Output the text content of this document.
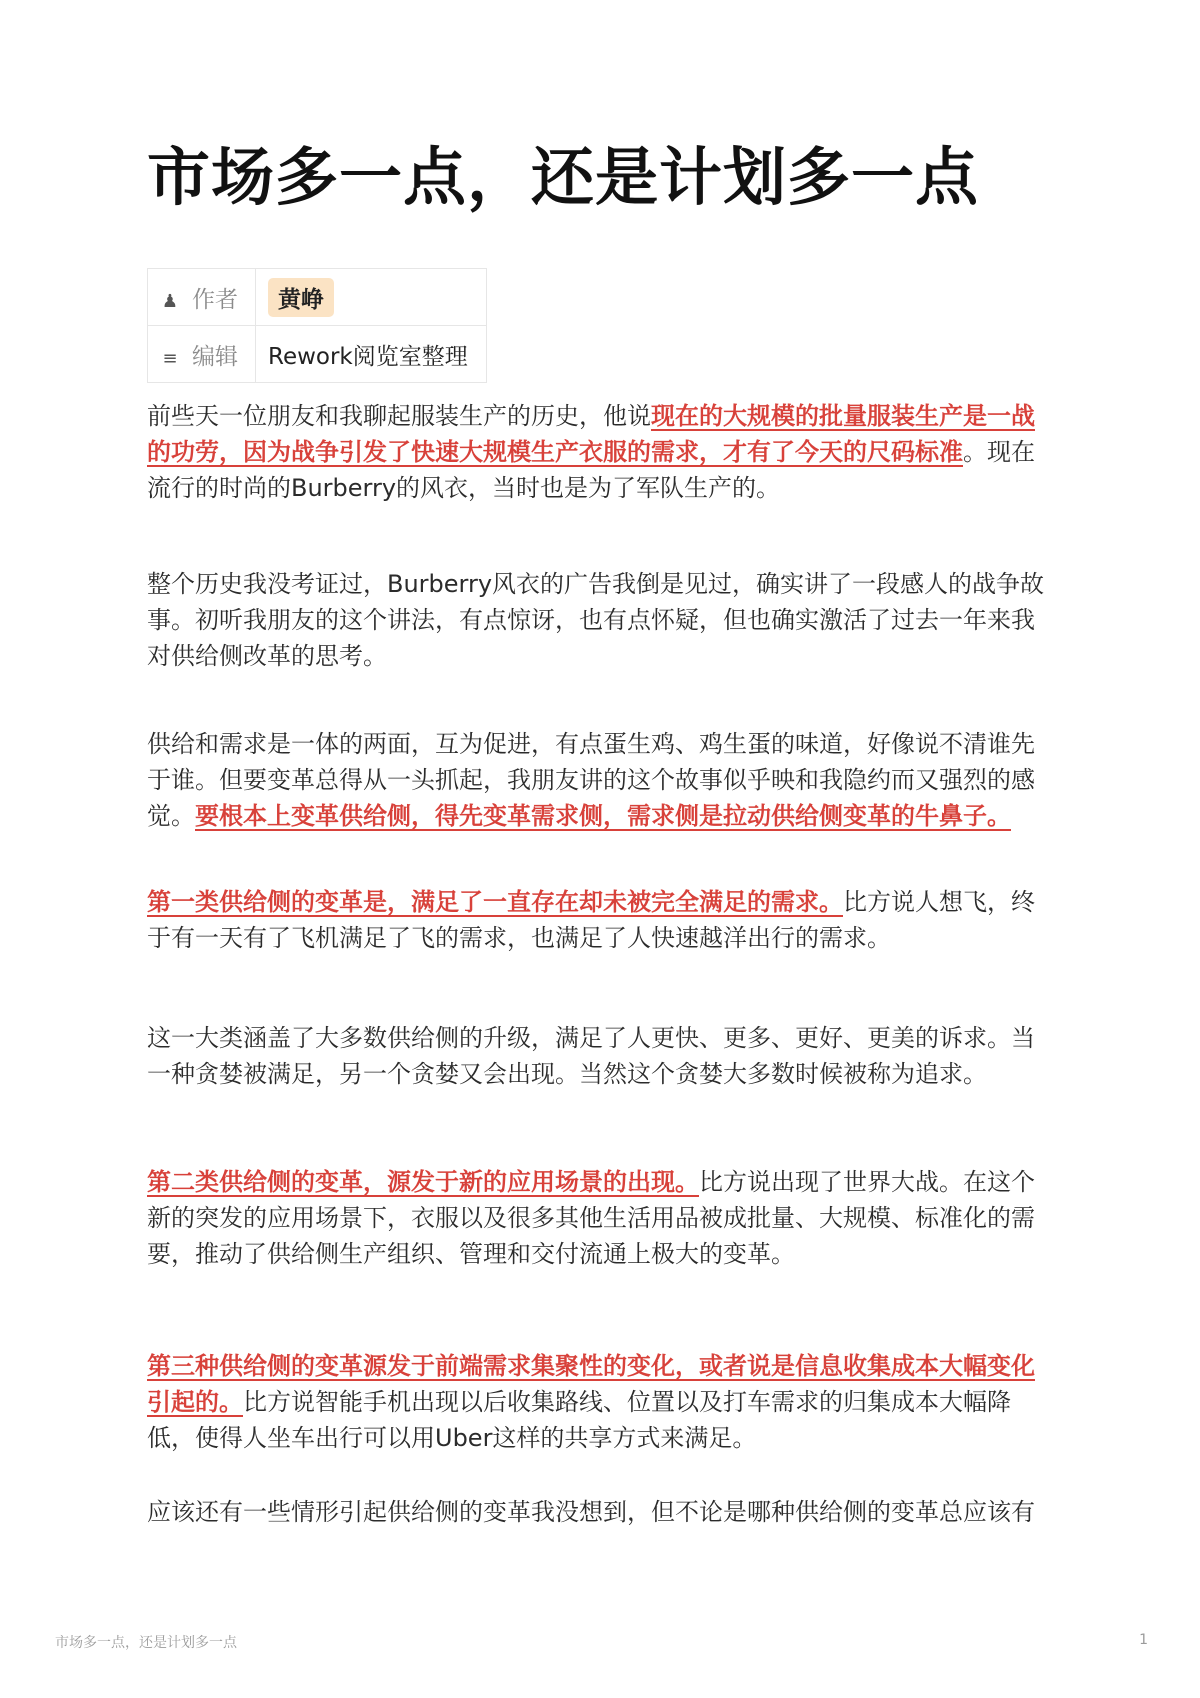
市场多一点，还是计划多一点
♟ 作者	黄峥
≡ 编辑	Rework阅览室整理

前些天一位朋友和我聊起服装生产的历史，他说现在的大规模的批量服装生产是一战的功劳，因为战争引发了快速大规模生产衣服的需求，才有了今天的尺码标准。现在流行的时尚的Burberry的风衣，当时也是为了军队生产的。

整个历史我没考证过，Burberry风衣的广告我倒是见过，确实讲了一段感人的战争故事。初听我朋友的这个讲法，有点惊讶，也有点怀疑，但也确实激活了过去一年来我对供给侧改革的思考。

供给和需求是一体的两面，互为促进，有点蛋生鸡、鸡生蛋的味道，好像说不清谁先于谁。但要变革总得从一头抓起，我朋友讲的这个故事似乎映和我隐约而又强烈的感觉。要根本上变革供给侧，得先变革需求侧，需求侧是拉动供给侧变革的牛鼻子。

第一类供给侧的变革是，满足了一直存在却未被完全满足的需求。比方说人想飞，终于有一天有了飞机满足了飞的需求，也满足了人快速越洋出行的需求。

这一大类涵盖了大多数供给侧的升级，满足了人更快、更多、更好、更美的诉求。当一种贪婪被满足，另一个贪婪又会出现。当然这个贪婪大多数时候被称为追求。

第二类供给侧的变革，源发于新的应用场景的出现。比方说出现了世界大战。在这个新的突发的应用场景下，衣服以及很多其他生活用品被成批量、大规模、标准化的需要，推动了供给侧生产组织、管理和交付流通上极大的变革。

第三种供给侧的变革源发于前端需求集聚性的变化，或者说是信息收集成本大幅变化引起的。比方说智能手机出现以后收集路线、位置以及打车需求的归集成本大幅降低，使得人坐车出行可以用Uber这样的共享方式来满足。

应该还有一些情形引起供给侧的变革我没想到，但不论是哪种供给侧的变革总应该有

市场多一点，还是计划多一点	1
